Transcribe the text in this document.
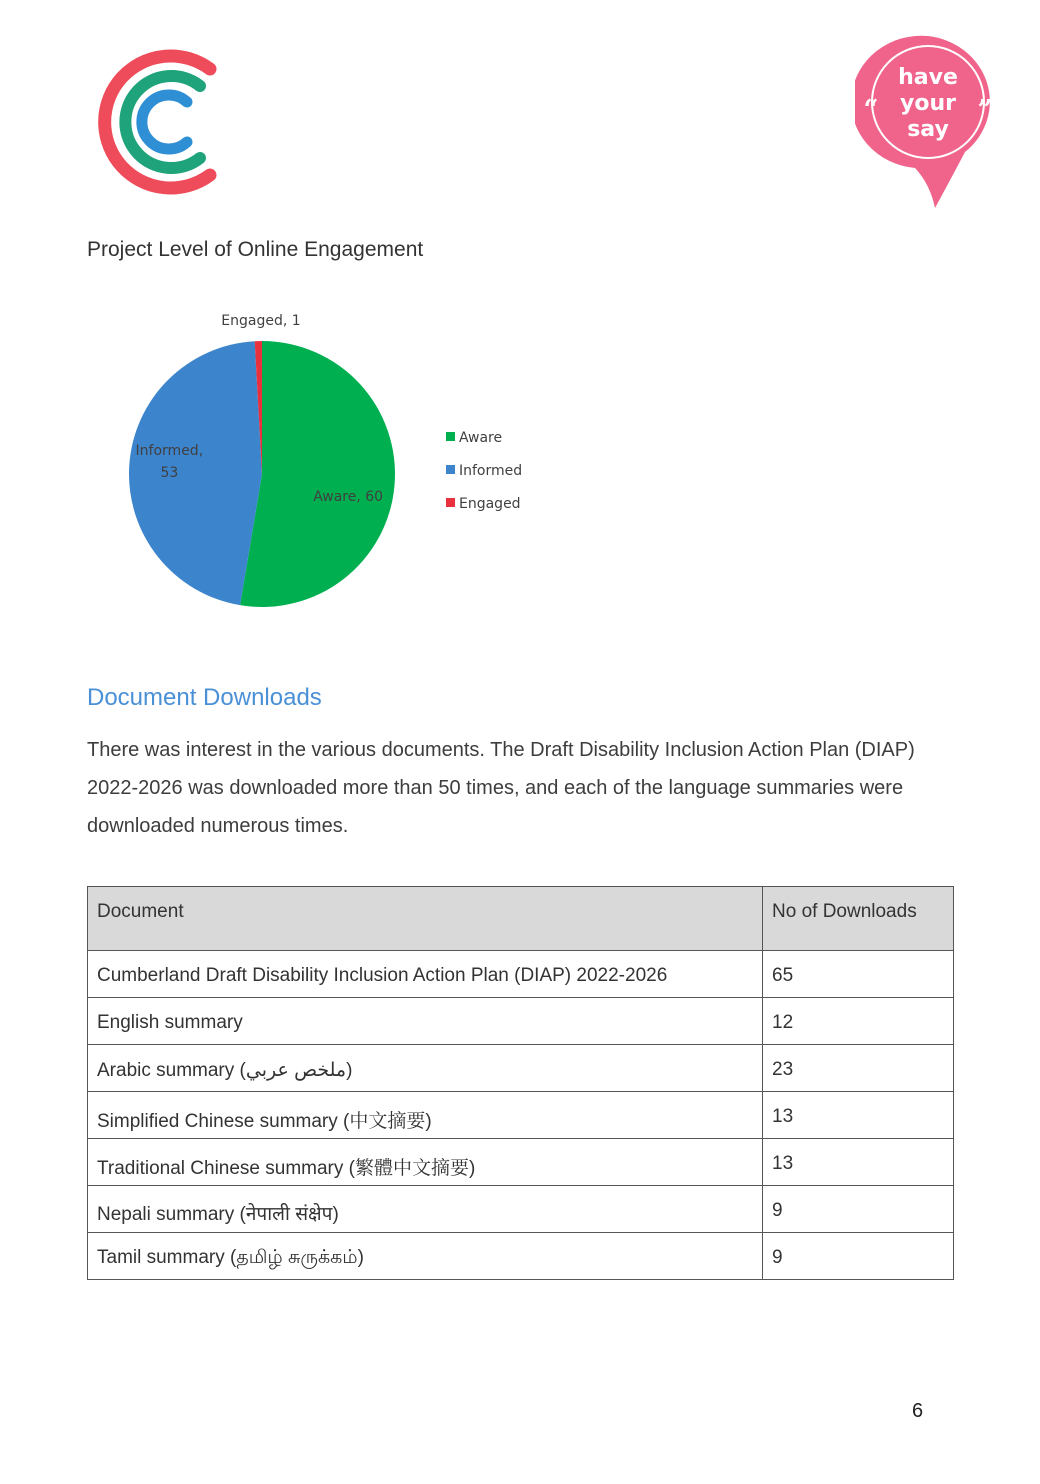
have
your
say
“	”
Project Level of Online Engagement
Aware, 60
Informed,
53
Engaged, 1
Aware
Informed
Engaged
Document Downloads
There was interest in the various documents. The Draft Disability Inclusion Action Plan (DIAP) 2022-2026 was downloaded more than 50 times, and each of the language summaries were downloaded numerous times.
Document	No of Downloads
Cumberland Draft Disability Inclusion Action Plan (DIAP) 2022-2026	65
English summary	12
Arabic summary (ملخص عربي)	23
Simplified Chinese summary (中文摘要)	13
Traditional Chinese summary (繁體中文摘要)	13
Nepali summary (नेपाली संक्षेप)	9
Tamil summary (தமிழ் சுருக்கம்)	9
6
